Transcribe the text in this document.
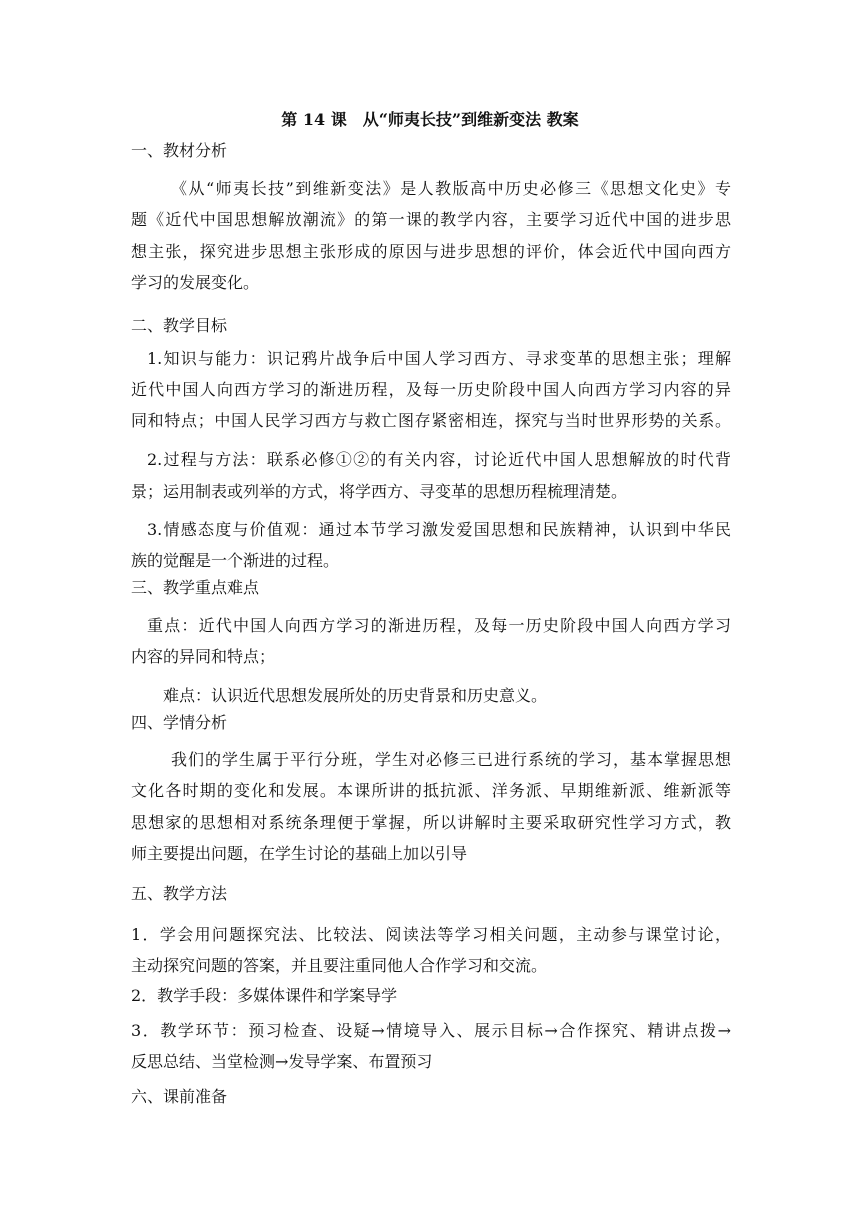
第 14 课　从“师夷长技”到维新变法 教案
一、教材分析
《从“师夷长技”到维新变法》是人教版高中历史必修三《思想文化史》专
题《近代中国思想解放潮流》的第一课的教学内容，主要学习近代中国的进步思
想主张，探究进步思想主张形成的原因与进步思想的评价，体会近代中国向西方
学习的发展变化。
二、教学目标
1.知识与能力：识记鸦片战争后中国人学习西方、寻求变革的思想主张；理解
近代中国人向西方学习的渐进历程，及每一历史阶段中国人向西方学习内容的异
同和特点；中国人民学习西方与救亡图存紧密相连，探究与当时世界形势的关系。
2.过程与方法：联系必修①②的有关内容，讨论近代中国人思想解放的时代背
景；运用制表或列举的方式，将学西方、寻变革的思想历程梳理清楚。
3.情感态度与价值观：通过本节学习激发爱国思想和民族精神，认识到中华民
族的觉醒是一个渐进的过程。
三、教学重点难点
重点：近代中国人向西方学习的渐进历程，及每一历史阶段中国人向西方学习
内容的异同和特点；
难点：认识近代思想发展所处的历史背景和历史意义。
四、学情分析
我们的学生属于平行分班，学生对必修三已进行系统的学习，基本掌握思想
文化各时期的变化和发展。本课所讲的抵抗派、洋务派、早期维新派、维新派等
思想家的思想相对系统条理便于掌握，所以讲解时主要采取研究性学习方式，教
师主要提出问题，在学生讨论的基础上加以引导
五、教学方法
1．学会用问题探究法、比较法、阅读法等学习相关问题，主动参与课堂讨论，
主动探究问题的答案，并且要注重同他人合作学习和交流。
2．教学手段：多媒体课件和学案导学
3．教学环节：预习检查、设疑→情境导入、展示目标→合作探究、精讲点拨→
反思总结、当堂检测→发导学案、布置预习
六、课前准备
